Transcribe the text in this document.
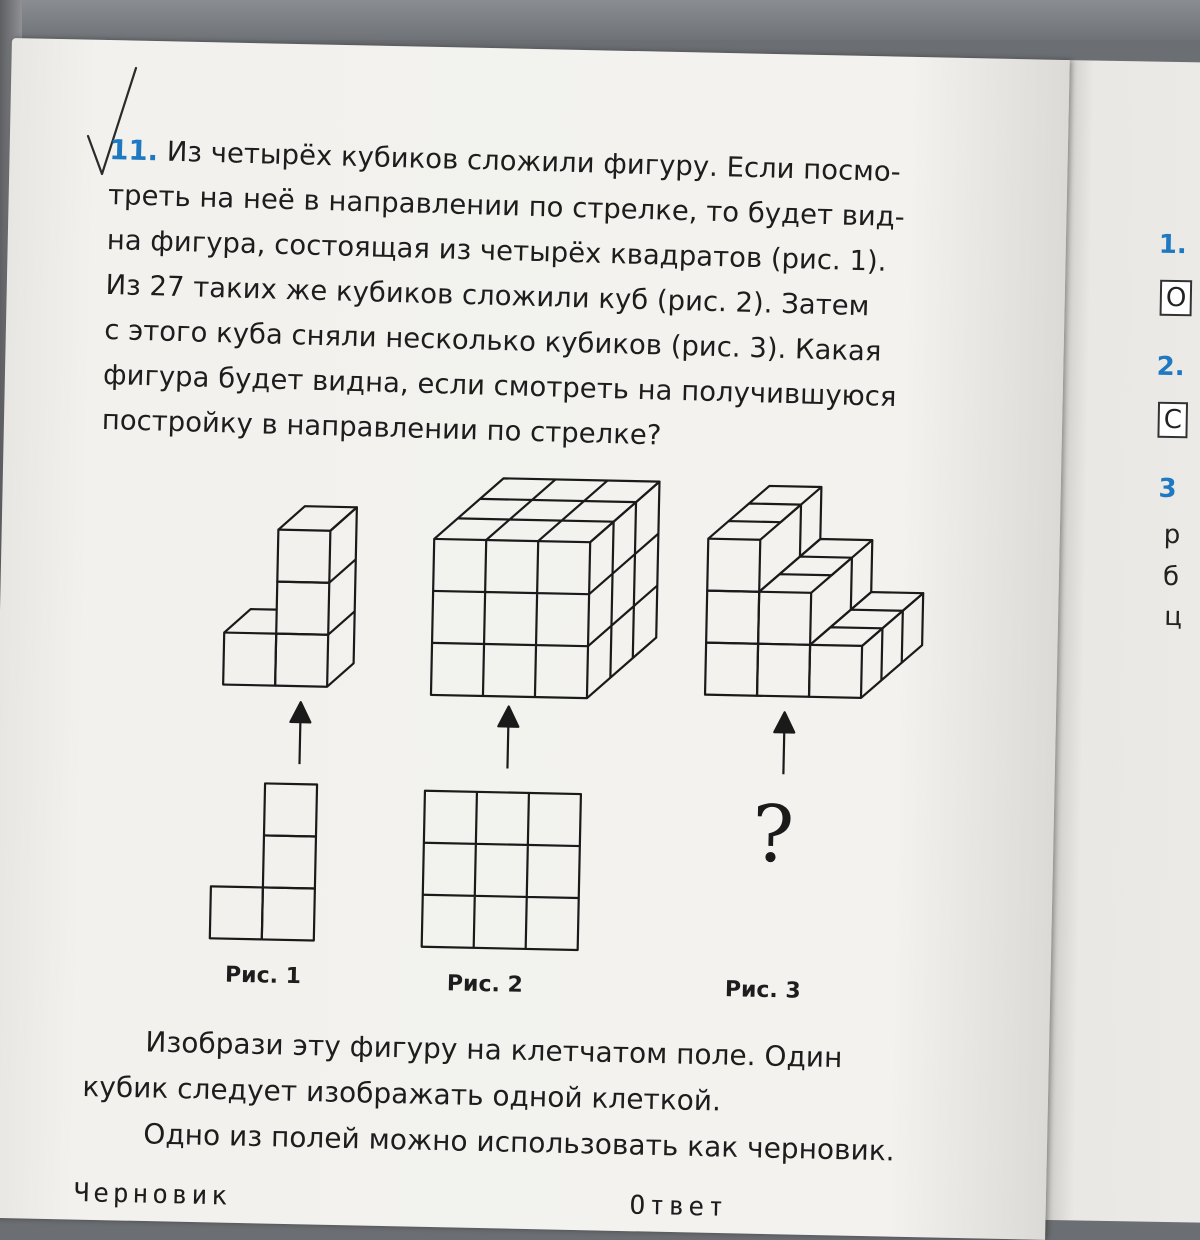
1.
О
2.
С
3
р
б
ц
11. Из четырёх кубиков сложили фигуру. Если посмо-
треть на неё в направлении по стрелке, то будет вид-
на фигура, состоящая из четырёх квадратов (рис. 1).
Из 27 таких же кубиков сложили куб (рис. 2). Затем
с этого куба сняли несколько кубиков (рис. 3). Какая
фигура будет видна, если смотреть на получившуюся
постройку в направлении по стрелке?
?
Рис. 1	Рис. 2	Рис. 3
Изобрази эту фигуру на клетчатом поле. Один
кубик следует изображать одной клеткой.
Одно из полей можно использовать как черновик.
Черновик	Ответ
